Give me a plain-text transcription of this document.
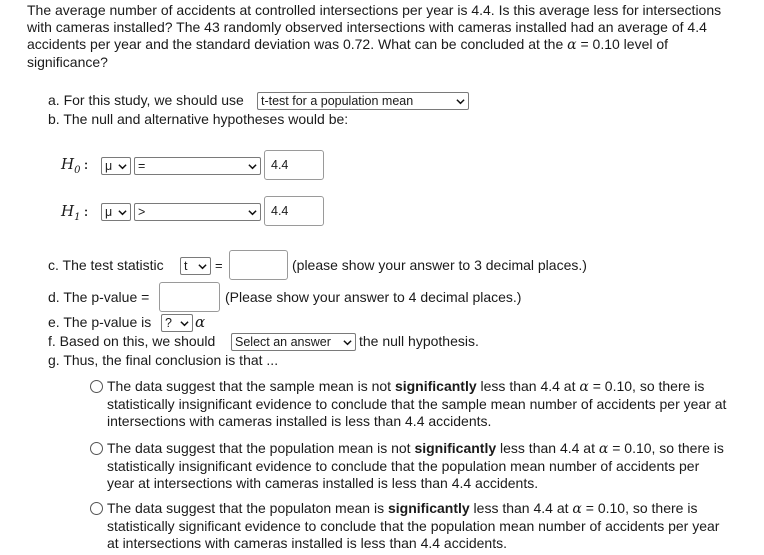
The average number of accidents at controlled intersections per year is 4.4. Is this average less for intersections with cameras installed? The 43 randomly observed intersections with cameras installed had an average of 4.4 accidents per year and the standard deviation was 0.72. What can be concluded at the α = 0.10 level of significance?
a. For this study, we should use	t-test for a population mean
b. The null and alternative hypotheses would be:
$H_0$ :	μ	=	4.4
$H_1$ :	μ	>	4.4
c. The test statistic	t	=	(please show your answer to 3 decimal places.)
d. The p-value =	(Please show your answer to 4 decimal places.)
e. The p-value is	?	α
f. Based on this, we should	Select an answer	the null hypothesis.
g. Thus, the final conclusion is that ...
The data suggest that the sample mean is not significantly less than 4.4 at α = 0.10, so there is statistically insignificant evidence to conclude that the sample mean number of accidents per year at intersections with cameras installed is less than 4.4 accidents.
The data suggest that the population mean is not significantly less than 4.4 at α = 0.10, so there is statistically insignificant evidence to conclude that the population mean number of accidents per year at intersections with cameras installed is less than 4.4 accidents.
The data suggest that the populaton mean is significantly less than 4.4 at α = 0.10, so there is statistically significant evidence to conclude that the population mean number of accidents per year at intersections with cameras installed is less than 4.4 accidents.
